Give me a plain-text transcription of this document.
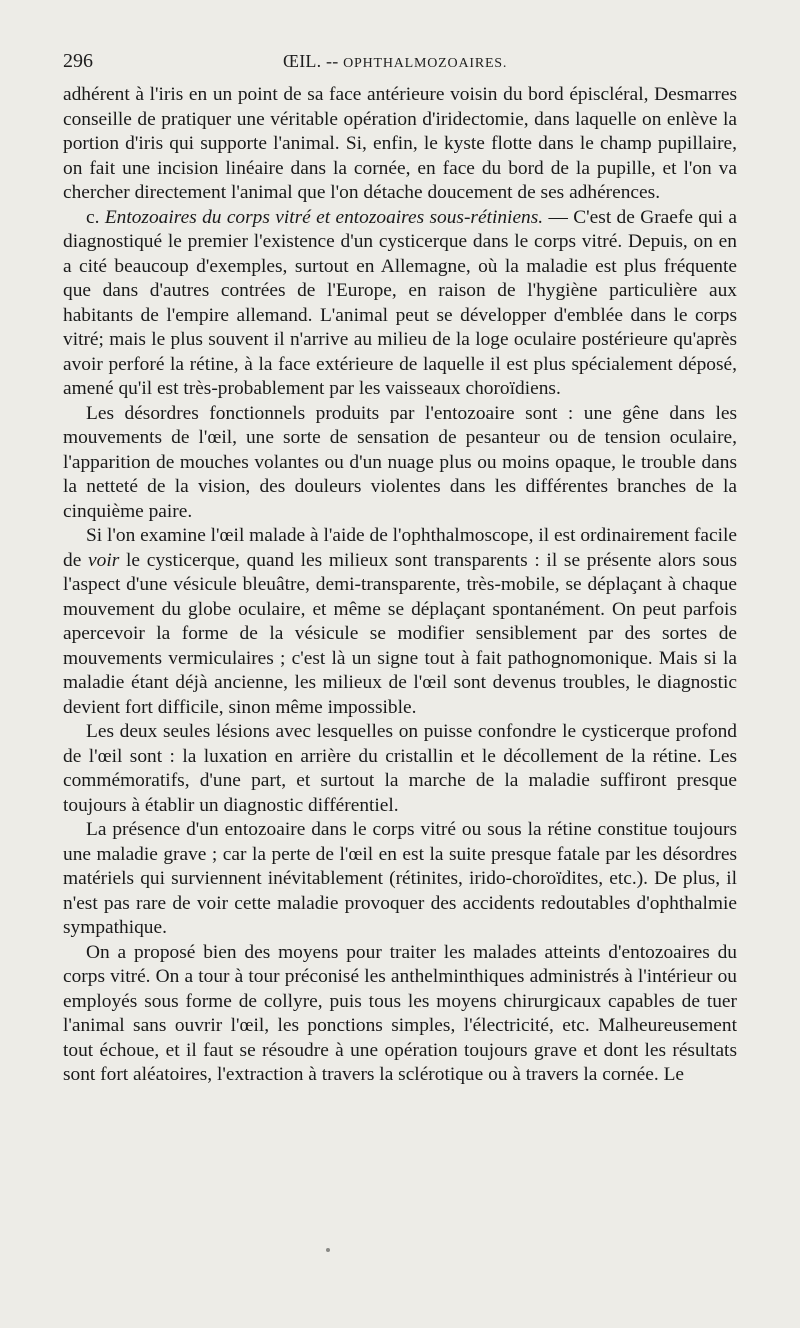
296	ŒIL. -- OPHTHALMOZOAIRES.

adhérent à l'iris en un point de sa face antérieure voisin du bord épiscléral, Desmarres conseille de pratiquer une véritable opération d'iridectomie, dans laquelle on enlève la portion d'iris qui supporte l'animal. Si, enfin, le kyste flotte dans le champ pupillaire, on fait une incision linéaire dans la cornée, en face du bord de la pupille, et l'on va chercher directement l'animal que l'on détache doucement de ses adhérences.

c. Entozoaires du corps vitré et entozoaires sous-rétiniens. — C'est de Graefe qui a diagnostiqué le premier l'existence d'un cysticerque dans le corps vitré. Depuis, on en a cité beaucoup d'exemples, surtout en Allemagne, où la maladie est plus fréquente que dans d'autres contrées de l'Europe, en raison de l'hygiène particulière aux habitants de l'empire allemand. L'animal peut se développer d'emblée dans le corps vitré; mais le plus souvent il n'arrive au milieu de la loge oculaire postérieure qu'après avoir perforé la rétine, à la face extérieure de laquelle il est plus spécialement déposé, amené qu'il est très-probablement par les vaisseaux choroïdiens.

Les désordres fonctionnels produits par l'entozoaire sont : une gêne dans les mouvements de l'œil, une sorte de sensation de pesanteur ou de tension oculaire, l'apparition de mouches volantes ou d'un nuage plus ou moins opaque, le trouble dans la netteté de la vision, des douleurs violentes dans les différentes branches de la cinquième paire.

Si l'on examine l'œil malade à l'aide de l'ophthalmoscope, il est ordinairement facile de voir le cysticerque, quand les milieux sont transparents : il se présente alors sous l'aspect d'une vésicule bleuâtre, demi-transparente, très-mobile, se déplaçant à chaque mouvement du globe oculaire, et même se déplaçant spontanément. On peut parfois apercevoir la forme de la vésicule se modifier sensiblement par des sortes de mouvements vermiculaires ; c'est là un signe tout à fait pathognomonique. Mais si la maladie étant déjà ancienne, les milieux de l'œil sont devenus troubles, le diagnostic devient fort difficile, sinon même impossible.

Les deux seules lésions avec lesquelles on puisse confondre le cysticerque profond de l'œil sont : la luxation en arrière du cristallin et le décollement de la rétine. Les commémoratifs, d'une part, et surtout la marche de la maladie suffiront presque toujours à établir un diagnostic différentiel.

La présence d'un entozoaire dans le corps vitré ou sous la rétine constitue toujours une maladie grave ; car la perte de l'œil en est la suite presque fatale par les désordres matériels qui surviennent inévitablement (rétinites, irido-choroïdites, etc.). De plus, il n'est pas rare de voir cette maladie provoquer des accidents redoutables d'ophthalmie sympathique.

On a proposé bien des moyens pour traiter les malades atteints d'entozoaires du corps vitré. On a tour à tour préconisé les anthelminthiques administrés à l'intérieur ou employés sous forme de collyre, puis tous les moyens chirurgicaux capables de tuer l'animal sans ouvrir l'œil, les ponctions simples, l'électricité, etc. Malheureusement tout échoue, et il faut se résoudre à une opération toujours grave et dont les résultats sont fort aléatoires, l'extraction à travers la sclérotique ou à travers la cornée. Le
